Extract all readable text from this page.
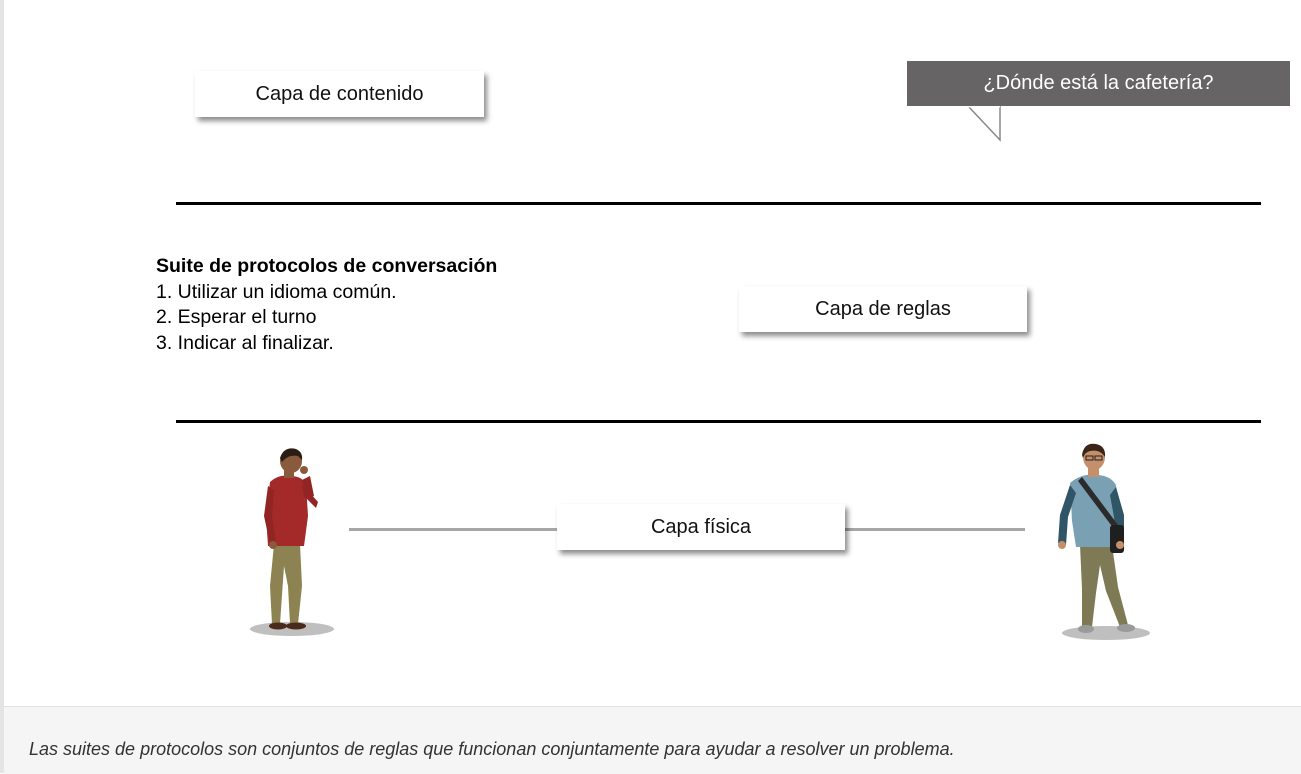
Capa de contenido	¿Dónde está la cafetería?
Suite de protocolos de conversación
1. Utilizar un idioma común.
2. Esperar el turno
3. Indicar al finalizar.
Capa de reglas
Capa física
Las suites de protocolos son conjuntos de reglas que funcionan conjuntamente para ayudar a resolver un problema.
